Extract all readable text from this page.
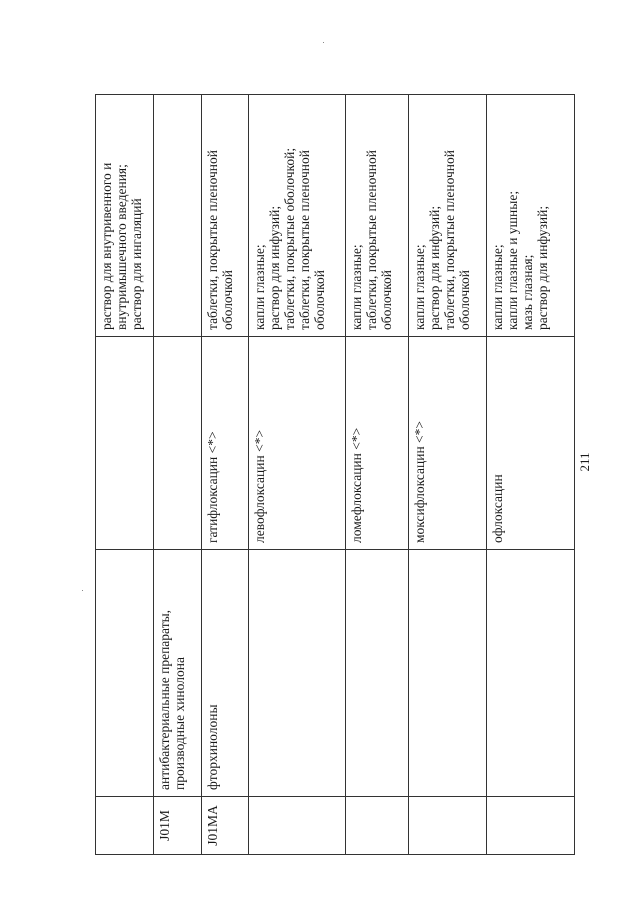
			раствор для внутривенного и внутримышечного введения; раствор для ингаляций

J01M	антибактериальные препараты, производные хинолона		
J01MA	фторхинолоны	гатифлоксацин <*>	таблетки, покрытые пленочной оболочкой

		левофлоксацин <*>	капли глазные; раствор для инфузий; таблетки, покрытые оболочкой; таблетки, покрытые пленочной оболочкой

		ломефлоксацин <*>	капли глазные; таблетки, покрытые пленочной оболочкой

		моксифлоксацин <*>	капли глазные; раствор для инфузий; таблетки, покрытые пленочной оболочкой

		офлоксацин	капли глазные; капли глазные и ушные; мазь глазная; раствор для инфузий;
211
